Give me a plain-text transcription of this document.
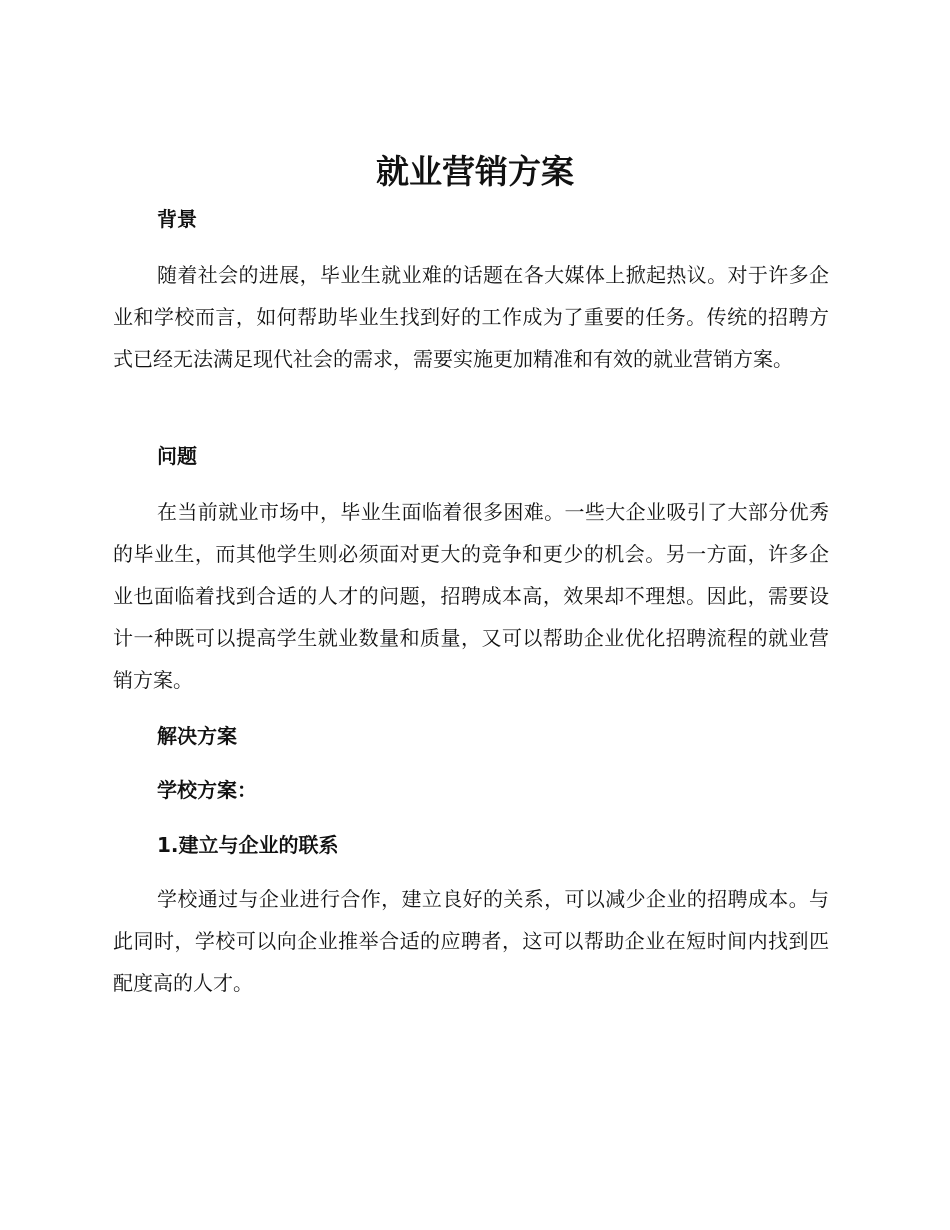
就业营销方案
背景

随着社会的进展，毕业生就业难的话题在各大媒体上掀起热议。对于许多企业和学校而言，如何帮助毕业生找到好的工作成为了重要的任务。传统的招聘方式已经无法满足现代社会的需求，需要实施更加精准和有效的就业营销方案。

问题

在当前就业市场中，毕业生面临着很多困难。一些大企业吸引了大部分优秀的毕业生，而其他学生则必须面对更大的竞争和更少的机会。另一方面，许多企业也面临着找到合适的人才的问题，招聘成本高，效果却不理想。因此，需要设计一种既可以提高学生就业数量和质量，又可以帮助企业优化招聘流程的就业营销方案。

解决方案
学校方案：
1.建立与企业的联系

学校通过与企业进行合作，建立良好的关系，可以减少企业的招聘成本。与此同时，学校可以向企业推举合适的应聘者，这可以帮助企业在短时间内找到匹配度高的人才。
